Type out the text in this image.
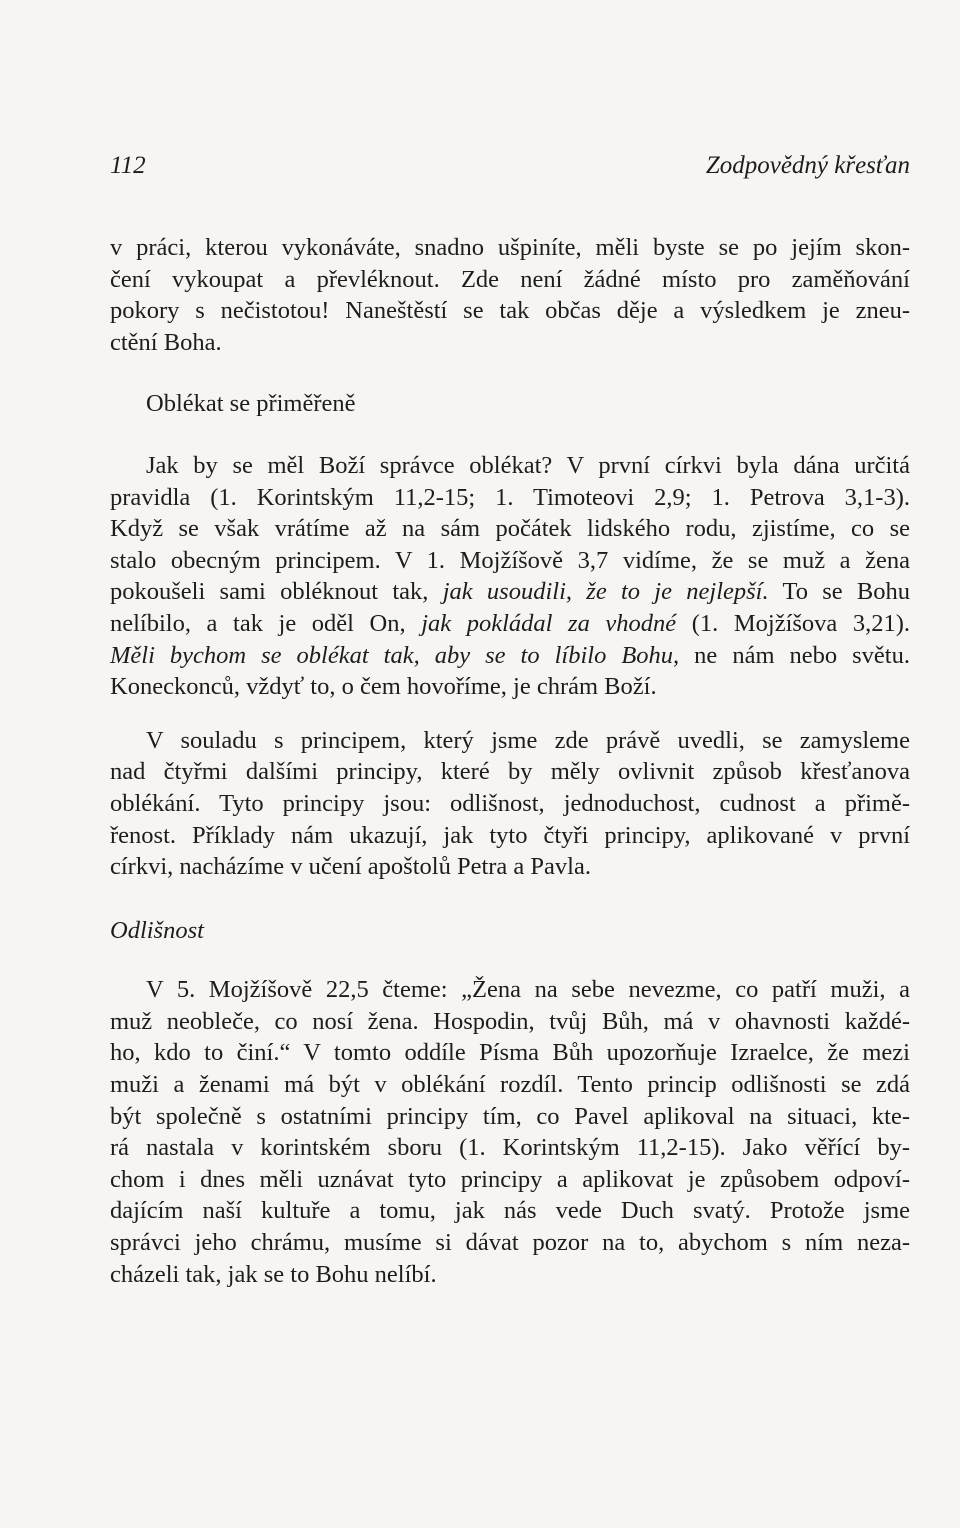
112	Zodpovědný křesťan
v práci, kterou vykonáváte, snadno ušpiníte, měli byste se po jejím skon-
čení vykoupat a převléknout. Zde není žádné místo pro zaměňování
pokory s nečistotou! Naneštěstí se tak občas děje a výsledkem je zneu-
ctění Boha.
Oblékat se přiměřeně
Jak by se měl Boží správce oblékat? V první církvi byla dána určitá
pravidla (1. Korintským 11,2-15; 1. Timoteovi 2,9; 1. Petrova 3,1-3).
Když se však vrátíme až na sám počátek lidského rodu, zjistíme, co se
stalo obecným principem. V 1. Mojžíšově 3,7 vidíme, že se muž a žena
pokoušeli sami obléknout tak, jak usoudili, že to je nejlepší. To se Bohu
nelíbilo, a tak je oděl On, jak pokládal za vhodné (1. Mojžíšova 3,21).
Měli bychom se oblékat tak, aby se to líbilo Bohu, ne nám nebo světu.
Koneckonců, vždyť to, o čem hovoříme, je chrám Boží.
V souladu s principem, který jsme zde právě uvedli, se zamysleme
nad čtyřmi dalšími principy, které by měly ovlivnit způsob křesťanova
oblékání. Tyto principy jsou: odlišnost, jednoduchost, cudnost a přimě-
řenost. Příklady nám ukazují, jak tyto čtyři principy, aplikované v první
církvi, nacházíme v učení apoštolů Petra a Pavla.
Odlišnost
V 5. Mojžíšově 22,5 čteme: „Žena na sebe nevezme, co patří muži, a
muž neobleče, co nosí žena. Hospodin, tvůj Bůh, má v ohavnosti každé-
ho, kdo to činí.“ V tomto oddíle Písma Bůh upozorňuje Izraelce, že mezi
muži a ženami má být v oblékání rozdíl. Tento princip odlišnosti se zdá
být společně s ostatními principy tím, co Pavel aplikoval na situaci, kte-
rá nastala v korintském sboru (1. Korintským 11,2-15). Jako věřící by-
chom i dnes měli uznávat tyto principy a aplikovat je způsobem odpoví-
dajícím naší kultuře a tomu, jak nás vede Duch svatý. Protože jsme
správci jeho chrámu, musíme si dávat pozor na to, abychom s ním neza-
cházeli tak, jak se to Bohu nelíbí.
